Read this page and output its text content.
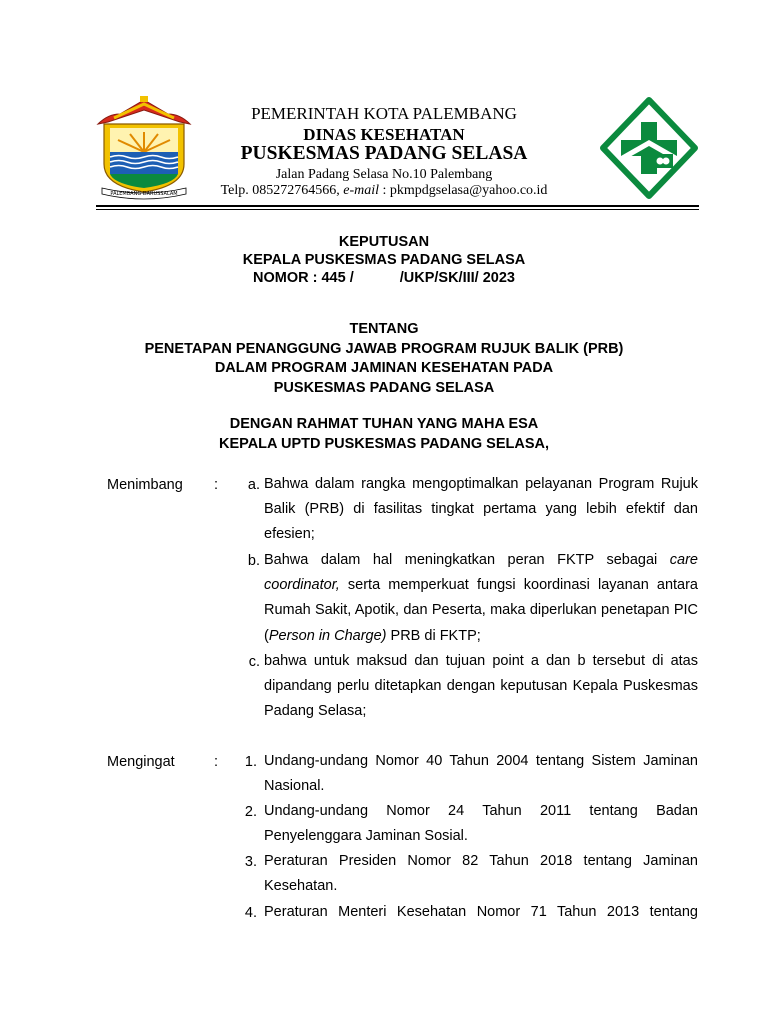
PALEMBANG DARUSSALAM
PEMERINTAH KOTA PALEMBANG
DINAS KESEHATAN
PUSKESMAS PADANG SELASA
Jalan Padang Selasa No.10 Palembang
Telp. 085272764566, e-mail : pkmpdgselasa@yahoo.co.id
KEPUTUSAN
KEPALA PUSKESMAS PADANG SELASA
NOMOR : 445 /	/UKP/SK/III/ 2023
TENTANG
PENETAPAN PENANGGUNG JAWAB PROGRAM RUJUK BALIK (PRB)
DALAM PROGRAM JAMINAN KESEHATAN PADA
PUSKESMAS PADANG SELASA
DENGAN RAHMAT TUHAN YANG MAHA ESA
KEPALA UPTD PUSKESMAS PADANG SELASA,
Menimbang :	a. Bahwa dalam rangka mengoptimalkan pelayanan Program Rujuk Balik (PRB) di fasilitas tingkat pertama yang lebih efektif dan efesien;
b. Bahwa dalam hal meningkatkan peran FKTP sebagai care coordinator, serta memperkuat fungsi koordinasi layanan antara Rumah Sakit, Apotik, dan Peserta, maka diperlukan penetapan PIC (Person in Charge) PRB di FKTP;
c. bahwa untuk maksud dan tujuan point a dan b tersebut di atas dipandang perlu ditetapkan dengan keputusan Kepala Puskesmas Padang Selasa;
Mengingat	:	1. Undang-undang Nomor 40 Tahun 2004 tentang Sistem Jaminan Nasional.
2. Undang-undang Nomor 24 Tahun 2011 tentang Badan Penyelenggara Jaminan Sosial.
3. Peraturan Presiden Nomor 82 Tahun 2018 tentang Jaminan Kesehatan.
4. Peraturan Menteri Kesehatan Nomor 71 Tahun 2013 tentang
